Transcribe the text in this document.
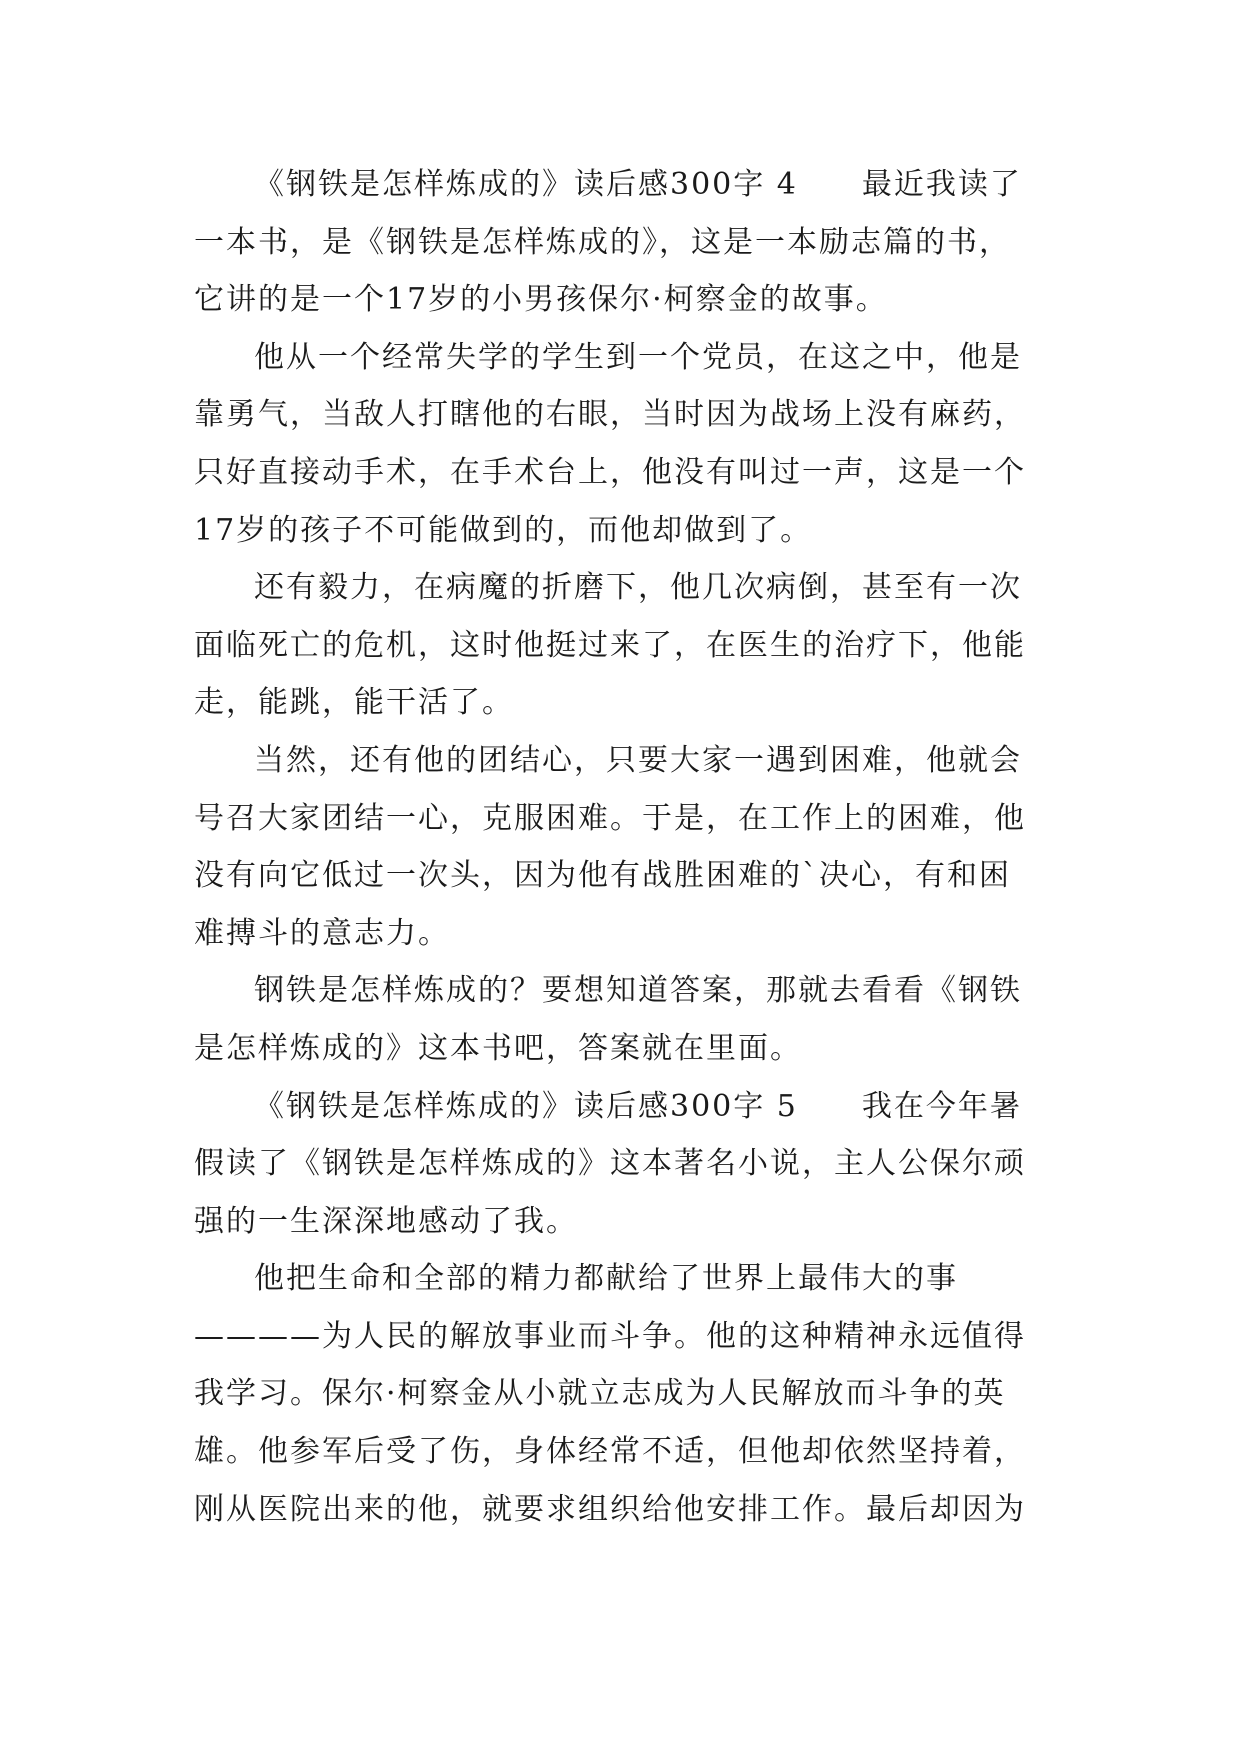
《钢铁是怎样炼成的》读后感300字 4　　最近我读了
一本书，是《钢铁是怎样炼成的》，这是一本励志篇的书，
它讲的是一个17岁的小男孩保尔·柯察金的故事。
他从一个经常失学的学生到一个党员，在这之中，他是
靠勇气，当敌人打瞎他的右眼，当时因为战场上没有麻药，
只好直接动手术，在手术台上，他没有叫过一声，这是一个
17岁的孩子不可能做到的，而他却做到了。
还有毅力，在病魔的折磨下，他几次病倒，甚至有一次
面临死亡的危机，这时他挺过来了，在医生的治疗下，他能
走，能跳，能干活了。
当然，还有他的团结心，只要大家一遇到困难，他就会
号召大家团结一心，克服困难。于是，在工作上的困难，他
没有向它低过一次头，因为他有战胜困难的`决心，有和困
难搏斗的意志力。
钢铁是怎样炼成的？要想知道答案，那就去看看《钢铁
是怎样炼成的》这本书吧，答案就在里面。
《钢铁是怎样炼成的》读后感300字 5　　我在今年暑
假读了《钢铁是怎样炼成的》这本著名小说，主人公保尔顽
强的一生深深地感动了我。
他把生命和全部的精力都献给了世界上最伟大的事
————为人民的解放事业而斗争。他的这种精神永远值得
我学习。保尔·柯察金从小就立志成为人民解放而斗争的英
雄。他参军后受了伤，身体经常不适，但他却依然坚持着，
刚从医院出来的他，就要求组织给他安排工作。最后却因为
